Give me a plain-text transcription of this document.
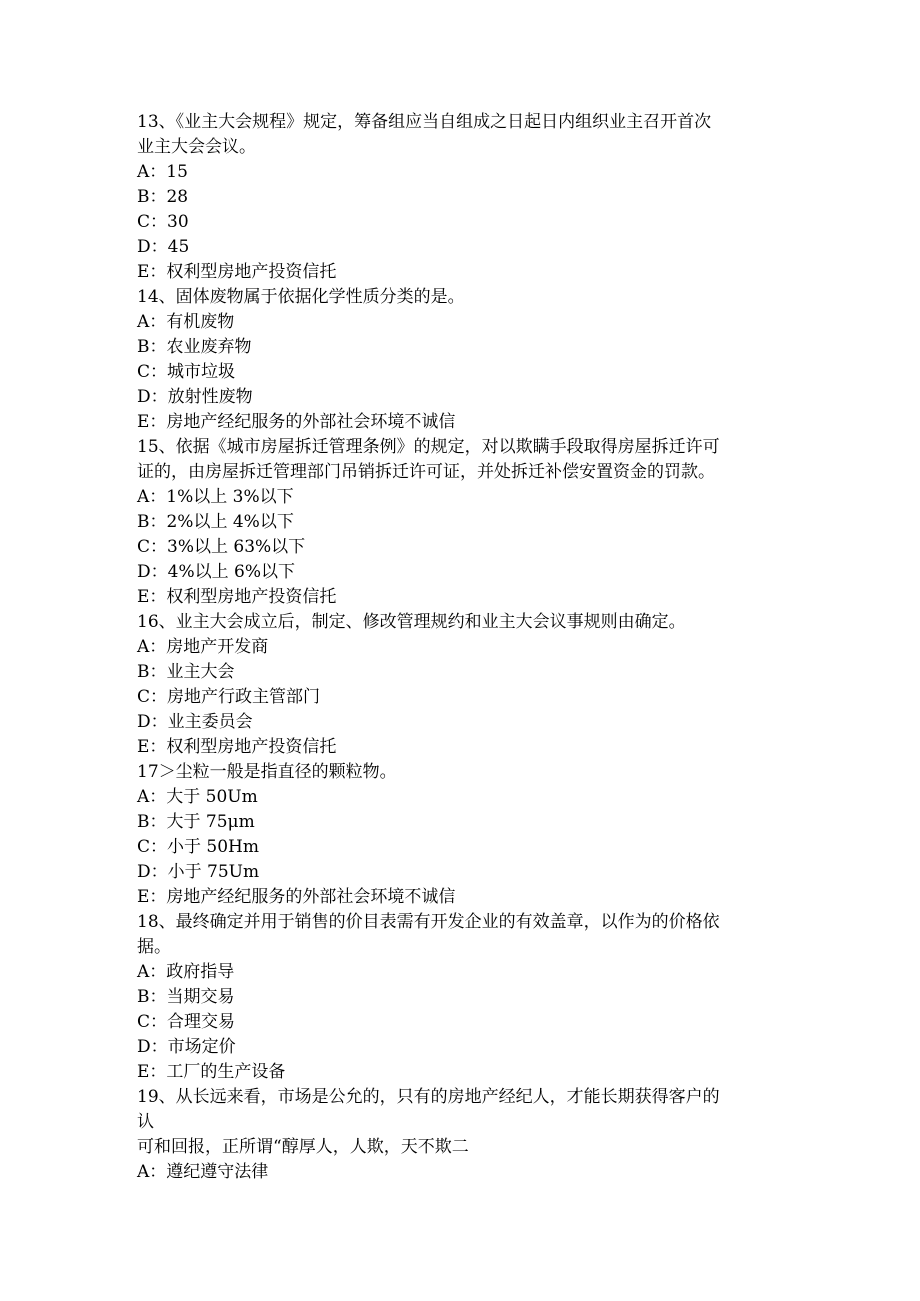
13、《业主大会规程》规定，筹备组应当自组成之日起日内组织业主召开首次
业主大会会议。
A：15
B：28
C：30
D：45
E：权利型房地产投资信托
14、固体废物属于依据化学性质分类的是。
A：有机废物
B：农业废弃物
C：城市垃圾
D：放射性废物
E：房地产经纪服务的外部社会环境不诚信
15、依据《城市房屋拆迁管理条例》的规定，对以欺瞒手段取得房屋拆迁许可
证的，由房屋拆迁管理部门吊销拆迁许可证，并处拆迁补偿安置资金的罚款。
A：1%以上 3%以下
B：2%以上 4%以下
C：3%以上 63%以下
D：4%以上 6%以下
E：权利型房地产投资信托
16、业主大会成立后，制定、修改管理规约和业主大会议事规则由确定。
A：房地产开发商
B：业主大会
C：房地产行政主管部门
D：业主委员会
E：权利型房地产投资信托
17＞尘粒一般是指直径的颗粒物。
A：大于 50Um
B：大于 75μm
C：小于 50Hm
D：小于 75Um
E：房地产经纪服务的外部社会环境不诚信
18、最终确定并用于销售的价目表需有开发企业的有效盖章，以作为的价格依
据。
A：政府指导
B：当期交易
C：合理交易
D：市场定价
E：工厂的生产设备
19、从长远来看，市场是公允的，只有的房地产经纪人，才能长期获得客户的
认
可和回报，正所谓“醇厚人，人欺，天不欺二
A：遵纪遵守法律
